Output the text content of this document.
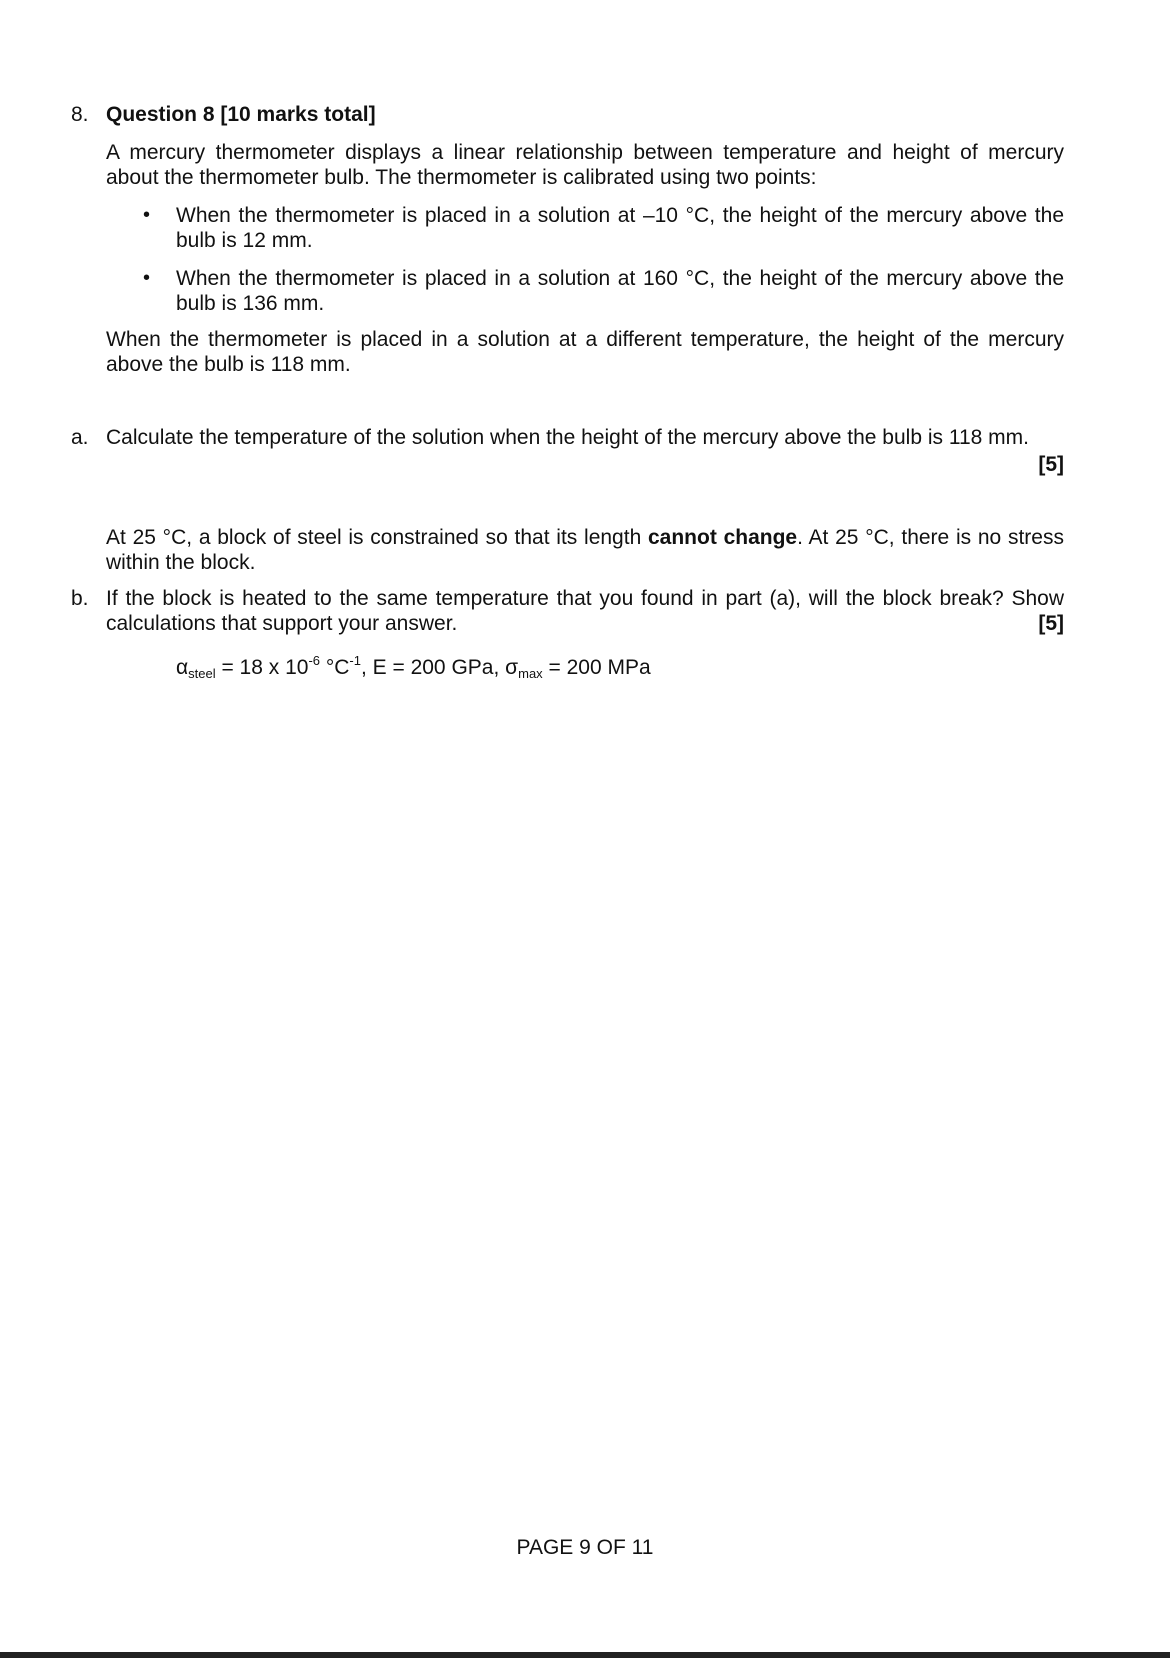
8. Question 8 [10 marks total]
A mercury thermometer displays a linear relationship between temperature and height of mercury
about the thermometer bulb. The thermometer is calibrated using two points:
• When the thermometer is placed in a solution at –10 °C, the height of the mercury above the
bulb is 12 mm.
• When the thermometer is placed in a solution at 160 °C, the height of the mercury above the
bulb is 136 mm.
When the thermometer is placed in a solution at a different temperature, the height of the mercury
above the bulb is 118 mm.
a. Calculate the temperature of the solution when the height of the mercury above the bulb is 118 mm.
[5]
At 25 °C, a block of steel is constrained so that its length cannot change. At 25 °C, there is no stress
within the block.
b. If the block is heated to the same temperature that you found in part (a), will the block break? Show
calculations that support your answer.	[5]
$\alpha_{steel} = 18$ x $10^{-6}$ $^\circ C^{-1}$, E = 200 GPa, $\sigma_{max} = 200$ MPa
PAGE 9 OF 11
